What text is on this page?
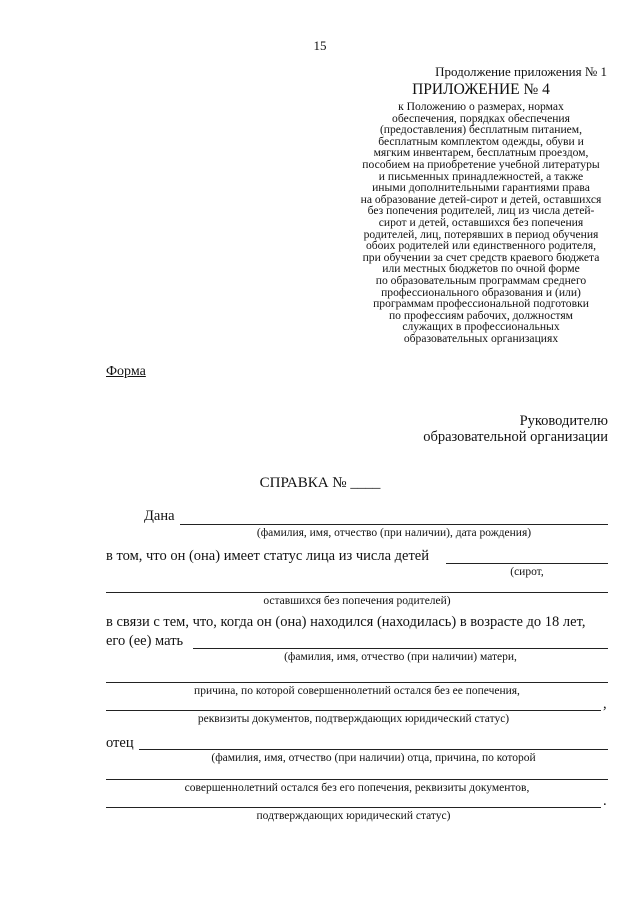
15
Продолжение приложения № 1
ПРИЛОЖЕНИЕ № 4
к Положению о размерах, нормах
обеспечения, порядках обеспечения
(предоставления) бесплатным питанием,
бесплатным комплектом одежды, обуви и
мягким инвентарем, бесплатным проездом,
пособием на приобретение учебной литературы
и письменных принадлежностей, а также
иными дополнительными гарантиями права
на образование детей-сирот и детей, оставшихся
без попечения родителей, лиц из числа детей-
сирот и детей, оставшихся без попечения
родителей, лиц, потерявших в период обучения
обоих родителей или единственного родителя,
при обучении за счет средств краевого бюджета
или местных бюджетов по очной форме
по образовательным программам среднего
профессионального образования и (или)
программам профессиональной подготовки
по профессиям рабочих, должностям
служащих в профессиональных
образовательных организациях
Форма
Руководителю
образовательной организации
СПРАВКА № ____
Дана
(фамилия, имя, отчество (при наличии), дата рождения)
в том, что он (она) имеет статус лица из числа детей
(сирот,
оставшихся без попечения родителей)
в связи с тем, что, когда он (она) находился (находилась) в возрасте до 18 лет,
его (ее) мать
(фамилия, имя, отчество (при наличии) матери,
причина, по которой совершеннолетний остался без ее попечения,
,
реквизиты документов, подтверждающих юридический статус)
отец
(фамилия, имя, отчество (при наличии) отца, причина, по которой
совершеннолетний остался без его попечения, реквизиты документов,
.
подтверждающих юридический статус)
